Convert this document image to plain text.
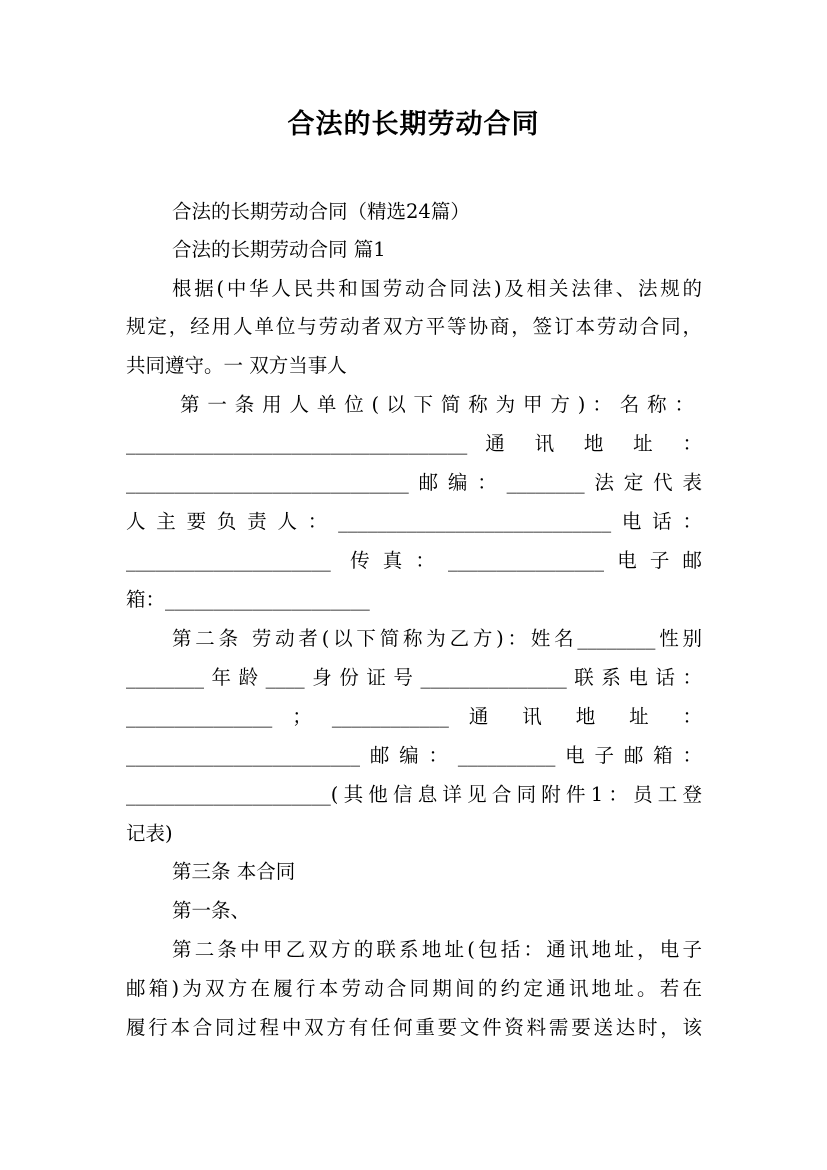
合法的长期劳动合同
合法的长期劳动合同（精选24篇）
合法的长期劳动合同 篇1
根据(中华人民共和国劳动合同法)及相关法律、法规的
规定，经用人单位与劳动者双方平等协商，签订本劳动合同，
共同遵守。一 双方当事人
第 一 条 用 人 单 位 ( 以 下 简 称 为 甲 方 ) ： 名 称 ：
___________________________________ 通 讯 地 址 ：
_____________________________邮编：________法定代表
人主要负责人：____________________________电话：
_____________________ 传真：________________电子邮
箱：_____________________
第二条 劳动者(以下简称为乙方)：姓名________性别
________年龄____身份证号_______________联系电话：
_______________ ； ____________ 通 讯 地 址 ：
________________________邮编：__________电子邮箱：
_____________________(其他信息详见合同附件1：员工登
记表)
第三条 本合同
第一条、
第二条中甲乙双方的联系地址(包括：通讯地址，电子
邮箱)为双方在履行本劳动合同期间的约定通讯地址。若在
履行本合同过程中双方有任何重要文件资料需要送达时，该
